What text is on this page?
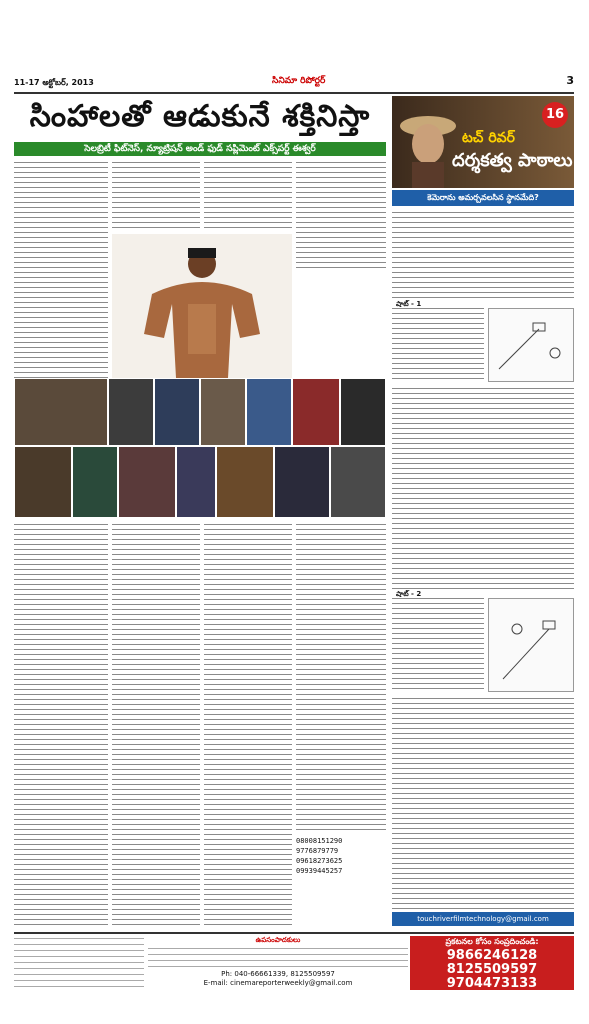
11-17 అక్టోబర్, 2013	సినిమా రిపోర్టర్	3
సింహాలతో ఆడుకునే శక్తినిస్తా
సెలబ్రిటీ ఫిట్‌నెస్, న్యూట్రిషన్ అండ్ ఫుడ్ సప్లిమెంట్ ఎక్స్‌పర్ట్ ఈశ్వర్
08008151290
9776879779
09618273625
09939445257
16
టచ్ రివర్
దర్శకత్వ పాఠాలు
కెమెరాను అమర్చవలసిన స్థానమేది?
షాట్ - 1
షాట్ - 2
touchriverfilmtechnology@gmail.com
ఉపసంపాదకులు
Ph: 040-66661339, 8125509597
E-mail: cinemareporterweekly@gmail.com
ప్రకటనల కోసం సంప్రదించండి:
9866246128
8125509597
9704473133
